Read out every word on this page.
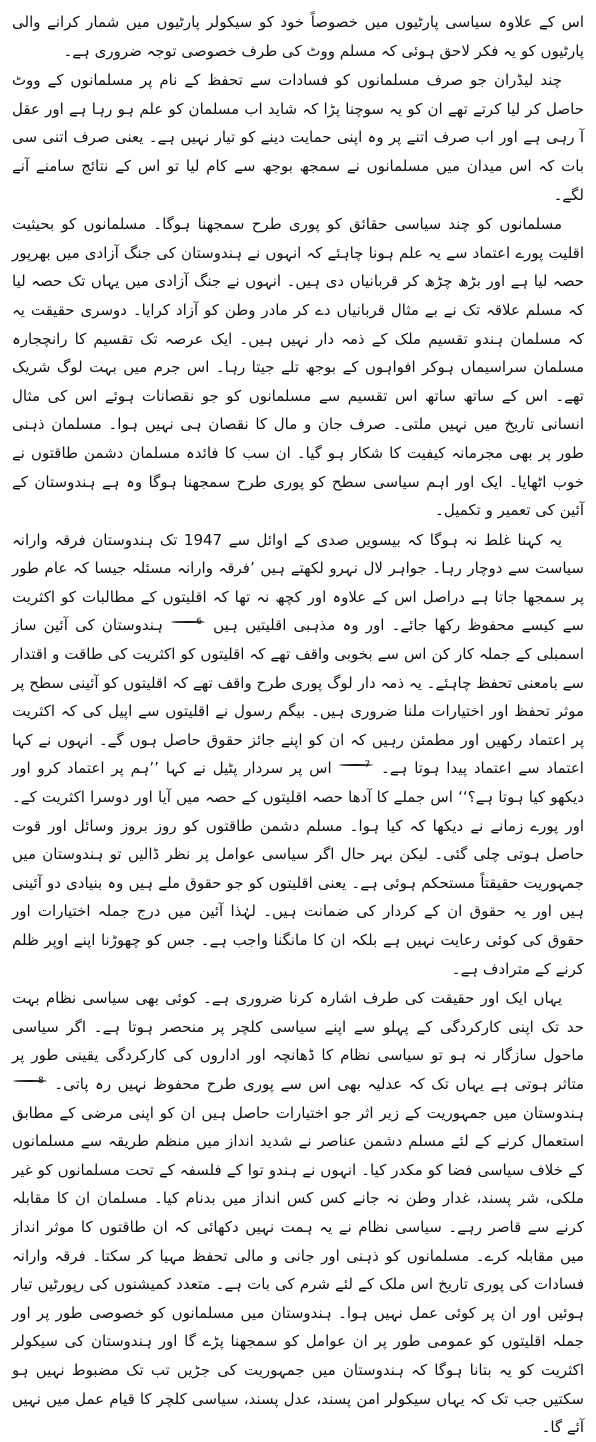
اس کے علاوہ سیاسی پارٹیوں میں خصوصاً خود کو سیکولر پارٹیوں میں شمار کرانے والی پارٹیوں کو یہ فکر لاحق ہوئی کہ مسلم ووٹ کی طرف خصوصی توجہ ضروری ہے۔

چند لیڈران جو صرف مسلمانوں کو فسادات سے تحفظ کے نام پر مسلمانوں کے ووٹ حاصل کر لیا کرتے تھے ان کو یہ سوچنا پڑا کہ شاید اب مسلمان کو علم ہو رہا ہے اور عقل آ رہی ہے اور اب صرف اتنے پر وہ اپنی حمایت دینے کو تیار نہیں ہے۔ یعنی صرف اتنی سی بات کہ اس میدان میں مسلمانوں نے سمجھ بوجھ سے کام لیا تو اس کے نتائج سامنے آنے لگے۔

مسلمانوں کو چند سیاسی حقائق کو پوری طرح سمجھنا ہوگا۔ مسلمانوں کو بحیثیت اقلیت پورے اعتماد سے یہ علم ہونا چاہئے کہ انہوں نے ہندوستان کی جنگ آزادی میں بھرپور حصہ لیا ہے اور بڑھ چڑھ کر قربانیاں دی ہیں۔ انہوں نے جنگ آزادی میں یہاں تک حصہ لیا کہ مسلم علاقہ تک نے بے مثال قربانیاں دے کر مادر وطن کو آزاد کرایا۔ دوسری حقیقت یہ کہ مسلمان ہندو تقسیم ملک کے ذمہ دار نہیں ہیں۔ ایک عرصہ تک تقسیم کا رانچجارہ مسلمان سراسیماں ہوکر افواہوں کے بوجھ تلے جیتا رہا۔ اس جرم میں بہت لوگ شریک تھے۔ اس کے ساتھ ساتھ اس تقسیم سے مسلمانوں کو جو نقصانات ہوئے اس کی مثال انسانی تاریخ میں نہیں ملتی۔ صرف جان و مال کا نقصان ہی نہیں ہوا۔ مسلمان ذہنی طور پر بھی مجرمانہ کیفیت کا شکار ہو گیا۔ ان سب کا فائدہ مسلمان دشمن طاقتوں نے خوب اٹھایا۔ ایک اور اہم سیاسی سطح کو پوری طرح سمجھنا ہوگا وہ ہے ہندوستان کے آئین کی تعمیر و تکمیل۔

یہ کہنا غلط نہ ہوگا کہ بیسویں صدی کے اوائل سے 1947 تک ہندوستان فرقہ وارانہ سیاست سے دوچار رہا۔ جواہر لال نہرو لکھتے ہیں ’فرقہ وارانہ مسئلہ جیسا کہ عام طور پر سمجھا جاتا ہے دراصل اس کے علاوہ اور کچھ نہ تھا کہ اقلیتوں کے مطالبات کو اکثریت سے کیسے محفوظ رکھا جائے۔ اور وہ مذہبی اقلیتیں ہیں 6 ہندوستان کی آئین ساز اسمبلی کے جملہ کار کن اس سے بخوبی واقف تھے کہ اقلیتوں کو اکثریت کی طاقت و اقتدار سے بامعنی تحفظ چاہئے۔ یہ ذمہ دار لوگ پوری طرح واقف تھے کہ اقلیتوں کو آئینی سطح پر موثر تحفظ اور اختیارات ملنا ضروری ہیں۔ بیگم رسول نے اقلیتوں سے اپیل کی کہ اکثریت پر اعتماد رکھیں اور مطمئن رہیں کہ ان کو اپنے جائز حقوق حاصل ہوں گے۔ انہوں نے کہا اعتماد سے اعتماد پیدا ہوتا ہے۔ 7 اس پر سردار پٹیل نے کہا ’’ہم پر اعتماد کرو اور دیکھو کیا ہوتا ہے؟‘‘ اس جملے کا آدھا حصہ اقلیتوں کے حصہ میں آیا اور دوسرا اکثریت کے۔ اور پورے زمانے نے دیکھا کہ کیا ہوا۔ مسلم دشمن طاقتوں کو روز بروز وسائل اور قوت حاصل ہوتی چلی گئی۔ لیکن بہر حال اگر سیاسی عوامل پر نظر ڈالیں تو ہندوستان میں جمہوریت حقیقتاً مستحکم ہوئی ہے۔ یعنی اقلیتوں کو جو حقوق ملے ہیں وہ بنیادی دو آئینی ہیں اور یہ حقوق ان کے کردار کی ضمانت ہیں۔ لہٰذا آئین میں درج جملہ اختیارات اور حقوق کی کوئی رعایت نہیں ہے بلکہ ان کا مانگنا واجب ہے۔ جس کو چھوڑنا اپنے اوپر ظلم کرنے کے مترادف ہے۔

یہاں ایک اور حقیقت کی طرف اشارہ کرنا ضروری ہے۔ کوئی بھی سیاسی نظام بہت حد تک اپنی کارکردگی کے پہلو سے اپنے سیاسی کلچر پر منحصر ہوتا ہے۔ اگر سیاسی ماحول سازگار نہ ہو تو سیاسی نظام کا ڈھانچہ اور اداروں کی کارکردگی یقینی طور پر متاثر ہوتی ہے یہاں تک کہ عدلیہ بھی اس سے پوری طرح محفوظ نہیں رہ پاتی۔ 8 ہندوستان میں جمہوریت کے زیر اثر جو اختیارات حاصل ہیں ان کو اپنی مرضی کے مطابق استعمال کرنے کے لئے مسلم دشمن عناصر نے شدید انداز میں منظم طریقہ سے مسلمانوں کے خلاف سیاسی فضا کو مکدر کیا۔ انہوں نے ہندو توا کے فلسفہ کے تحت مسلمانوں کو غیر ملکی، شر پسند، غدار وطن نہ جانے کس کس انداز میں بدنام کیا۔ مسلمان ان کا مقابلہ کرنے سے قاصر رہے۔ سیاسی نظام نے یہ ہمت نہیں دکھائی کہ ان طاقتوں کا موثر انداز میں مقابلہ کرے۔ مسلمانوں کو ذہنی اور جانی و مالی تحفظ مہیا کر سکتا۔ فرقہ وارانہ فسادات کی پوری تاریخ اس ملک کے لئے شرم کی بات ہے۔ متعدد کمیشنوں کی رپورٹیں تیار ہوئیں اور ان پر کوئی عمل نہیں ہوا۔ ہندوستان میں مسلمانوں کو خصوصی طور پر اور جملہ اقلیتوں کو عمومی طور پر ان عوامل کو سمجھنا پڑے گا اور ہندوستان کی سیکولر اکثریت کو یہ بتانا ہوگا کہ ہندوستان میں جمہوریت کی جڑیں تب تک مضبوط نہیں ہو سکتیں جب تک کہ یہاں سیکولر امن پسند، عدل پسند، سیاسی کلچر کا قیام عمل میں نہیں آئے گا۔
